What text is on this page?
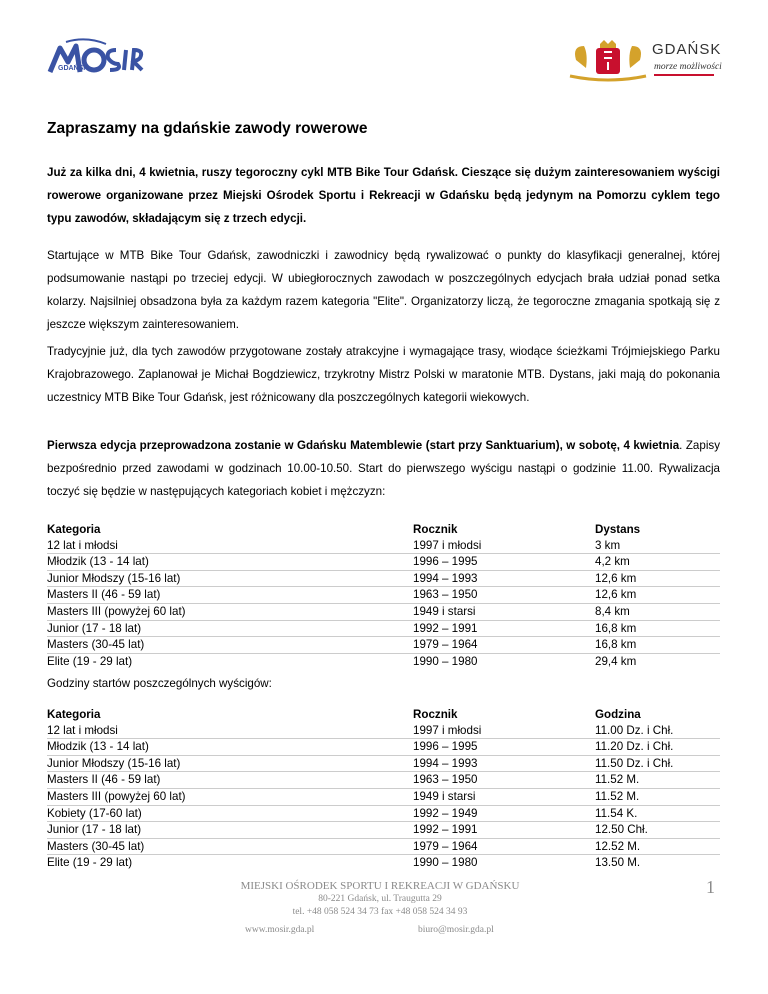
GDAŃSK
GDAŃSK
morze możliwości
Zapraszamy na gdańskie zawody rowerowe

Już za kilka dni, 4 kwietnia, ruszy tegoroczny cykl MTB Bike Tour Gdańsk. Cieszące się dużym zainteresowaniem wyścigi rowerowe organizowane przez Miejski Ośrodek Sportu i Rekreacji w Gdańsku będą jedynym na Pomorzu cyklem tego typu zawodów, składającym się z trzech edycji.

Startujące w MTB Bike Tour Gdańsk, zawodniczki i zawodnicy będą rywalizować o punkty do klasyfikacji generalnej, której podsumowanie nastąpi po trzeciej edycji. W ubiegłorocznych zawodach w poszczególnych edycjach brała udział ponad setka kolarzy. Najsilniej obsadzona była za każdym razem kategoria "Elite". Organizatorzy liczą, że tegoroczne zmagania spotkają się z jeszcze większym zainteresowaniem.

Tradycyjnie już, dla tych zawodów przygotowane zostały atrakcyjne i wymagające trasy, wiodące ścieżkami Trójmiejskiego Parku Krajobrazowego. Zaplanował je Michał Bogdziewicz, trzykrotny Mistrz Polski w maratonie MTB. Dystans, jaki mają do pokonania uczestnicy MTB Bike Tour Gdańsk, jest różnicowany dla poszczególnych kategorii wiekowych.

Pierwsza edycja przeprowadzona zostanie w Gdańsku Matemblewie (start przy Sanktuarium), w sobotę, 4 kwietnia. Zapisy bezpośrednio przed zawodami w godzinach 10.00-10.50. Start do pierwszego wyścigu nastąpi o godzinie 11.00. Rywalizacja toczyć się będzie w następujących kategoriach kobiet i mężczyzn:

Kategoria	Rocznik	Dystans
12 lat i młodsi	1997 i młodsi	3 km
Młodzik (13 - 14 lat)	1996 – 1995	4,2 km
Junior Młodszy (15-16 lat)	1994 – 1993	12,6 km
Masters II (46 - 59 lat)	1963 – 1950	12,6 km
Masters III (powyżej 60 lat)	1949 i starsi	8,4 km
Junior (17 - 18 lat)	1992 – 1991	16,8 km
Masters (30-45 lat)	1979 – 1964	16,8 km
Elite (19 - 29 lat)	1990 – 1980	29,4 km
Godziny startów poszczególnych wyścigów:
Kategoria	Rocznik	Godzina
12 lat i młodsi	1997 i młodsi	11.00 Dz. i Chł.
Młodzik (13 - 14 lat)	1996 – 1995	11.20 Dz. i Chł.
Junior Młodszy (15-16 lat)	1994 – 1993	11.50 Dz. i Chł.
Masters II (46 - 59 lat)	1963 – 1950	11.52 M.
Masters III (powyżej 60 lat)	1949 i starsi	11.52 M.
Kobiety (17-60 lat)	1992 – 1949	11.54 K.
Junior (17 - 18 lat)	1992 – 1991	12.50 Chł.
Masters (30-45 lat)	1979 – 1964	12.52 M.
Elite (19 - 29 lat)	1990 – 1980	13.50 M.
MIEJSKI OŚRODEK SPORTU I REKREACJI W GDAŃSKU
80-221 Gdańsk, ul. Traugutta 29
tel. +48 058 524 34 73 fax +48 058 524 34 93
1
www.mosir.gda.pl	biuro@mosir.gda.pl
